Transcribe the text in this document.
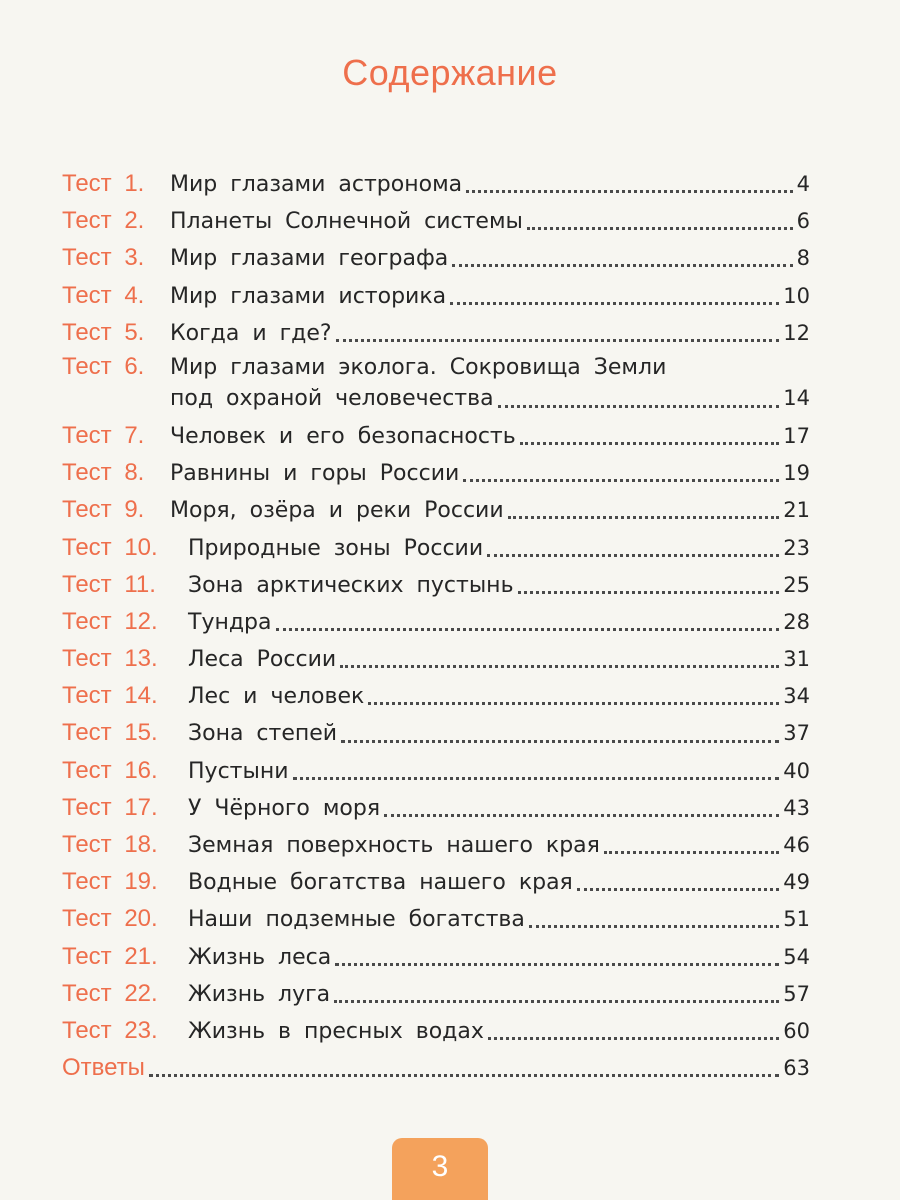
Содержание
Тест 1.	Мир глазами астронома	4
Тест 2.	Планеты Солнечной системы	6
Тест 3.	Мир глазами географа	8
Тест 4.	Мир глазами историка	10
Тест 5.	Когда и где?	12
Тест 6.	Мир глазами эколога. Сокровища Земли
под охраной человечества	14
Тест 7.	Человек и его безопасность	17
Тест 8.	Равнины и горы России	19
Тест 9.	Моря, озёра и реки России	21
Тест 10.	Природные зоны России	23
Тест 11.	Зона арктических пустынь	25
Тест 12.	Тундра	28
Тест 13.	Леса России	31
Тест 14.	Лес и человек	34
Тест 15.	Зона степей	37
Тест 16.	Пустыни	40
Тест 17.	У Чёрного моря	43
Тест 18.	Земная поверхность нашего края	46
Тест 19.	Водные богатства нашего края	49
Тест 20.	Наши подземные богатства	51
Тест 21.	Жизнь леса	54
Тест 22.	Жизнь луга	57
Тест 23.	Жизнь в пресных водах	60
Ответы	63
3
